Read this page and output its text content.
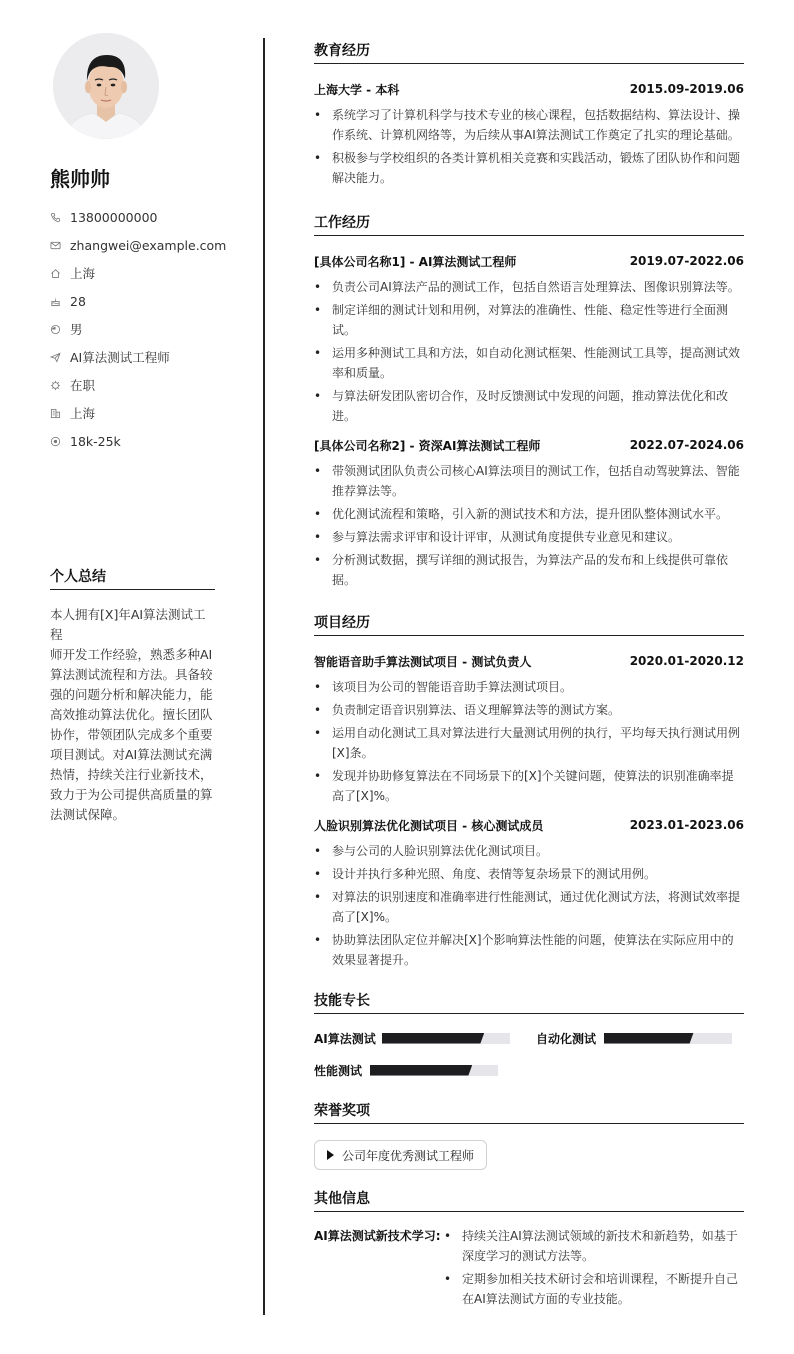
熊帅帅
13800000000
zhangwei@example.com
上海
28
男
AI算法测试工程师
在职
上海
18k-25k
个人总结
本人拥有[X]年AI算法测试工程
师开发工作经验，熟悉多种AI
算法测试流程和方法。具备较
强的问题分析和解决能力，能
高效推动算法优化。擅长团队
协作，带领团队完成多个重要
项目测试。对AI算法测试充满
热情，持续关注行业新技术，
致力于为公司提供高质量的算
法测试保障。
教育经历
上海大学 - 本科	2015.09-2019.06
• 系统学习了计算机科学与技术专业的核心课程，包括数据结构、算法设计、操作系统、计算机网络等，为后续从事AI算法测试工作奠定了扎实的理论基础。
• 积极参与学校组织的各类计算机相关竞赛和实践活动，锻炼了团队协作和问题解决能力。
工作经历
[具体公司名称1] - AI算法测试工程师	2019.07-2022.06
• 负责公司AI算法产品的测试工作，包括自然语言处理算法、图像识别算法等。
• 制定详细的测试计划和用例，对算法的准确性、性能、稳定性等进行全面测试。
• 运用多种测试工具和方法，如自动化测试框架、性能测试工具等，提高测试效率和质量。
• 与算法研发团队密切合作，及时反馈测试中发现的问题，推动算法优化和改进。
[具体公司名称2] - 资深AI算法测试工程师	2022.07-2024.06
• 带领测试团队负责公司核心AI算法项目的测试工作，包括自动驾驶算法、智能推荐算法等。
• 优化测试流程和策略，引入新的测试技术和方法，提升团队整体测试水平。
• 参与算法需求评审和设计评审，从测试角度提供专业意见和建议。
• 分析测试数据，撰写详细的测试报告，为算法产品的发布和上线提供可靠依据。
项目经历
智能语音助手算法测试项目 - 测试负责人	2020.01-2020.12
• 该项目为公司的智能语音助手算法测试项目。
• 负责制定语音识别算法、语义理解算法等的测试方案。
• 运用自动化测试工具对算法进行大量测试用例的执行，平均每天执行测试用例[X]条。
• 发现并协助修复算法在不同场景下的[X]个关键问题，使算法的识别准确率提高了[X]%。
人脸识别算法优化测试项目 - 核心测试成员	2023.01-2023.06
• 参与公司的人脸识别算法优化测试项目。
• 设计并执行多种光照、角度、表情等复杂场景下的测试用例。
• 对算法的识别速度和准确率进行性能测试，通过优化测试方法，将测试效率提高了[X]%。
• 协助算法团队定位并解决[X]个影响算法性能的问题，使算法在实际应用中的效果显著提升。
技能专长
AI算法测试	自动化测试
性能测试
荣誉奖项
公司年度优秀测试工程师
其他信息
AI算法测试新技术学习:
•	持续关注AI算法测试领域的新技术和新趋势，如基于深度学习的测试方法等。
• 定期参加相关技术研讨会和培训课程，不断提升自己在AI算法测试方面的专业技能。
